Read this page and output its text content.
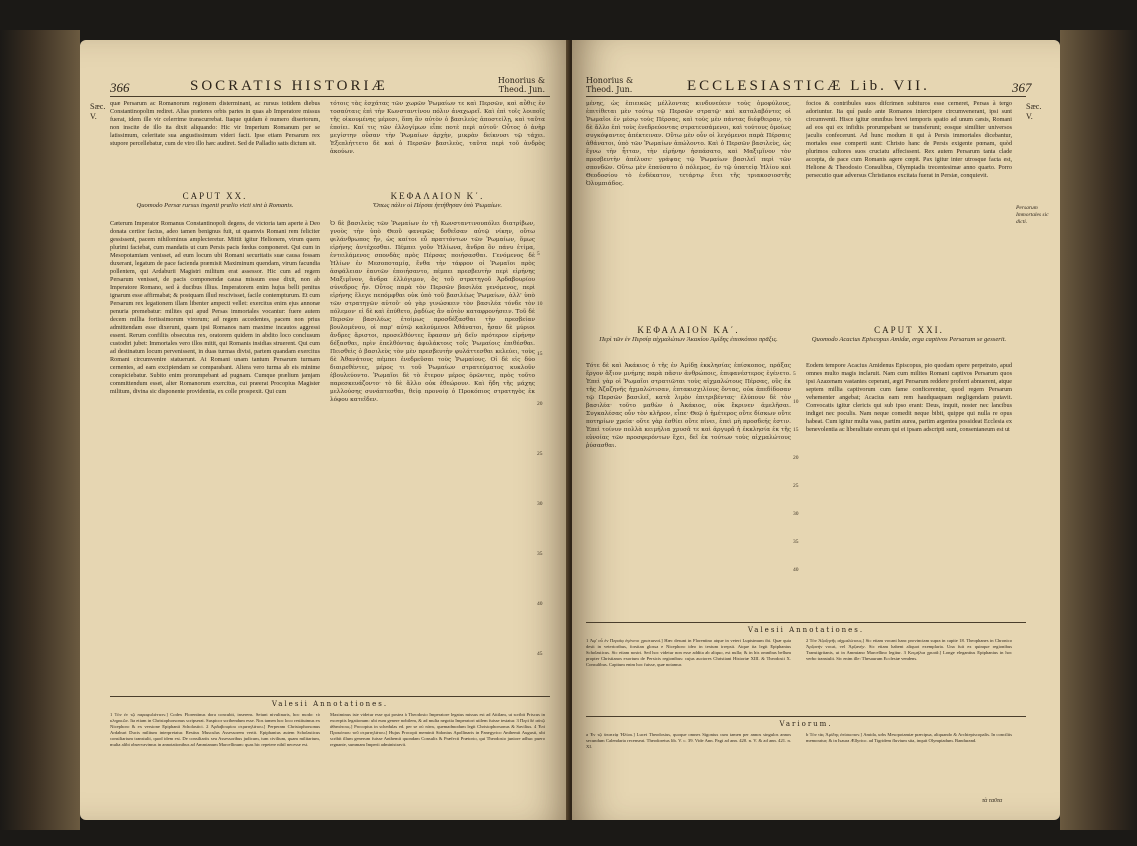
366	SOCRATIS HISTORIÆ	Honorius & Theod. Jun.
Sæc. V.

quæ Persarum ac Romanorum regionem disterminant, ac rursus totidem diebus Constantinopolim rediret. Alias præteres orbis partes in quas ab Imperatore missus fuerat, idem ille vir celerrime transcurrebat. Itaque quidam è numero disertorum, non inscite de illo ita dixit aliquando: Hic vir Imperium Romanum per se latissimum, celeritate sua angustissimum videri facit. Ipse etiam Persarum rex stupore percellebatur, cum de viro illo hæc audiret. Sed de Palladio satis dictum sit.

τότοις τὰς ἐσχάτας τῶν χωρῶν Ῥωμαίων τε καὶ Περσῶν, καὶ αὖθις ἐν τοσαύταις ἐπὶ τὴν Κωνσταντίνου πόλιν ἀναχωρεῖ. Καὶ ἐπὶ τοῖς λοιποῖς τῆς οἰκουμένης μέρεσι, ὅπη ἂν αὐτὸν ὁ βασιλεὺς ἀποστείλῃ, καὶ ταῦτα ἐποίει. Καί τις τῶν ἐλλογίμων εἶπε ποτὲ περὶ αὐτοῦ· Οὗτος ὁ ἀνὴρ μεγίστην οὖσαν τὴν Ῥωμαίων ἀρχὴν, μικρὰν δείκνυσι τῷ τάχει. Ἐξεπλήττετο δὲ καὶ ὁ Περσῶν βασιλεὺς, ταῦτα περὶ τοῦ ἀνδρὸς ἀκούων.

CAPUT XX.
Quomodo Persæ rursus ingenti prælio victi sint à Romanis.
ΚΕΦΑΛΑΙΟΝ Κ΄.
Ὅπως πάλιν οἱ Πέρσαι ἡττήθησαν ὑπὸ Ῥωμαίων.

Cæterum Imperator Romanus Constantinopoli degens, de victoria tam aperte à Deo donata certior factus, adeo tamen benignus fuit, ut quamvis Romani rem feliciter gessissent, pacem nihilominus amplecteretur. Mittit igitur Helionem, virum quem plurimi faciebat, cum mandatis ut cum Persis pacis fœdus componeret. Qui cum in Mesopotamiam venisset, ad eum locum ubi Romani securitatis suæ causa fossam duxerant, legatum de pace facienda præmisit Maximinum quendam, virum facundia pollentem, qui Ardaburii Magistri militum erat assessor. Hic cum ad regem Persarum venisset, de pacis componendæ causa missum esse dixit, non ab Imperatore Romano, sed à ducibus illius. Imperatorem enim hujus belli penitus ignarum esse affirmabat; & postquam illud rescivisset, facile contempturum. Et cum Persarum rex legationem illam libenter ampecti vellet: exercitus enim ejus annonæ penuria premebatur: milites qui apud Persas immortales vocantur: fuere autem decem millia fortissimorum virorum; ad regem accedentes, pacem non prius admittendam esse dixerunt, quam ipsi Romanos nam maxime incautos aggressi essent. Rerum confiliis obsecutus rex, oratorem quidem in abdito loco conclusum custodiri jubet: Immortales vero illos mitit, qui Romanis insidias struerent. Qui cum ad destinatum locum pervenissent, in duas turmas divisi, partem quandam exercitus Romani circumvenire statuerunt. At Romani unam tantum Persarum turmam cernentes, ad eam excipiendam se comparabant. Altera vero turma ab eis minime conspiciebatur. Subito enim prorumpebant ad pugnam. Cumque prælium jamjam committendum esset, alter Romanorum exercitus, cui præerat Procopius Magister militum, divina sic disponente providentia, ex colle prospexit. Qui cum

Ὁ δὲ βασιλεὺς τῶν Ῥωμαίων ἐν τῇ Κωνσταντινουπόλει διατρίβων, γνοὺς τὴν ὑπὸ Θεοῦ φανερῶς δοθεῖσαν αὐτῷ νίκην, οὕτω φιλάνθρωπος ἦν, ὡς καίτοι εὖ πραττόντων τῶν Ῥωμαίων, ὅμως εἰρήνης ἀντέχεσθαι. Πέμπει γοῦν Ἡλίωνα, ἄνδρα ὃν πάνυ ἐτίμα, ἐντειλάμενος σπονδὰς πρὸς Πέρσας ποιήσασθαι. Γενόμενος δὲ Ἡλίων ἐν Μεσοποταμίᾳ, ἔνθα τὴν τάφρον οἱ Ῥωμαῖοι πρὸς ἀσφάλειαν ἑαυτῶν ἐποιήσαντο, πέμπει πρεσβευτὴν περὶ εἰρήνης Μαξιμῖνον, ἄνδρα ἐλλόγιμον, ὃς τοῦ στρατηγοῦ Ἀρδαβουρίου σύνεδρος ἦν. Οὗτος παρὰ τὸν Περσῶν βασιλέα γενόμενος, περὶ εἰρήνης ἔλεγε πεπόμφθαι οὐκ ὑπὸ τοῦ βασιλέως Ῥωμαίων, ἀλλ' ὑπὸ τῶν στρατηγῶν αὐτοῦ· οὐ γὰρ γινώσκειν τὸν βασιλέα τόνδε τὸν πόλεμον· εἰ δὲ καὶ ἐπύθετο, ῥᾳδίως ἂν αὐτὸν καταφρονήσειν. Τοῦ δὲ Περσῶν βασιλέως ἑτοίμως προσδέξασθαι τὴν πρεσβείαν βουλομένου, οἱ παρ' αὐτῷ καλούμενοι Ἀθάνατοι, ἦσαν δὲ μύριοι ἄνδρες ἄριστοι, προσελθόντες ἔφασαν μὴ δεῖν πρότερον εἰρήνην δέξασθαι, πρὶν ἐπελθόντας ἀφυλάκτοις τοῖς Ῥωμαίοις ἐπιθέσθαι. Πεισθεὶς ὁ βασιλεὺς τὸν μὲν πρεσβευτὴν φυλάττεσθαι κελεύει, τοὺς δὲ Ἀθανάτους πέμπει ἐνεδρεῦσαι τοὺς Ῥωμαίους. Οἱ δὲ εἰς δύο διαιρεθέντες, μέρος τι τοῦ Ῥωμαίων στρατεύματος κυκλοῦν ἐβουλεύοντο. Ῥωμαῖοι δὲ τὸ ἕτερον μέρος ὁρῶντες, πρὸς τοῦτο παρεσκευάζοντο· τὸ δὲ ἄλλο οὐκ ἐθεώρουν. Καὶ ἤδη τῆς μάχης μελλούσης συνάπτεσθαι, θείᾳ προνοίᾳ ὁ Προκόπιος στρατηγὸς ἐκ λόφου κατεῖδεν.

5
10
15
20
25
30
35
40
45
Valesii Annotationes.
1 Τὸν ἐν τῷ παραφυλάττειν.] Codex Florentinus dora concubit, inserens. Seiunt nivulinaris, hoc modo: τὸ κληρικῶν. Ita etiam in Christophorsonus scripserat. Suspicor scribendum esse. Nos tamen hoc loco restituimus ex Nicephoro & ex versione Epiphanii Scholastici. 2 Ἀρδαβουρίου στρατηλάτου.] Perperam Christophorsonus Ardaburi Ducis militum interpretatur. Restius Musculus Assessorem vertit. Epiphanius autem Scholasticus consiliarium transtulit, quod idem est. De consiliariis seu Assessoribus judicum, tum civilium, quam militarium, multa alibi observavimus in annotationibus ad Ammianum Marcellinum: quas hic repetere nihil necesse est.
Maximinus iste videtur esse qui postea à Theodosio Imperatore legatus missus est ad Attilam, ut scribit Priscus in excerptis legationum: ubi eum genere nobilem, & ad multa negotia Imperatori utilem fuisse testatur. 3 Περὶ δὲ αὐτῷ ἀθανάτους.] Procopius in schedulas ed. per se οὐ πάνυ, quemadmodum legit Christophorsonus & Savilius. 4 Ἐπὶ Προκόπιου τοῦ στρατηλάτου.] Hujus Procopii meminit Sidonius Apollinaris in Panegyrico Anthemii Augusti, ubi scribit illum generum fuisse Anthemii quondam Consulis & Præfecti Prætorio, qui Theodosio juniore adhuc puero regnante, summam Imperii administravit.
Honorius & Theod. Jun.	ECCLESIASTICÆ Lib. VII.	367
Sæc. V.

μένης, ὡς ἐπιεικῶς μέλλοντας κινδυνεύειν τοὺς ὁμοφύλους, ἐπιτίθεται μὲν τούτῳ τῷ Περσῶν στρατῷ· καὶ καταλαβόντες οἱ Ῥωμαῖοι ἐν μέσῳ τοὺς Πέρσας, καὶ τοὺς μὲν πάντας διέφθειραν, τὸ δὲ ἄλλο ἐπὶ τοὺς ἐνεδρεύοντας στρατευσάμενοι, καὶ τούτους ὁμοίως συγκόψαντες ἀπέκτειναν. Οὕτω μὲν οὖν οἱ λεγόμενοι παρὰ Πέρσαις ἀθάνατοι, ὑπὸ τῶν Ῥωμαίων ἀπώλοντο. Καὶ ὁ Περσῶν βασιλεὺς, ὡς ἔγνω τὴν ἧτταν, τὴν εἰρήνην ἠσπάσατο, καὶ Μαξιμῖνον τὸν πρεσβευτὴν ἀπέλυσε· γράψας τῷ Ῥωμαίων βασιλεῖ περὶ τῶν σπονδῶν. Οὕτω μὲν ἐπαύσατο ὁ πόλεμος, ἐν τῷ ὑπατείᾳ Ἡλίου καὶ Θεοδοσίου τὸ ἐνδέκατον, τετάρτῳ ἔτει τῆς τριακοσιοστῆς Ὀλυμπιάδος.

focios & contribules suos difcrimen subituros esse cerneret, Persas à tergo adoriuntur. Ita quí paulo ante Romanos intercipere circumvenerant, ipsi sunt circumventi. Hisce igitur omnibus brevi temporis spatio ad unum cæsis, Romani ad eos qui ex infidiis prorumpebant se transferunt; eosque similiter universos jaculis confecerunt. Ad hunc modum ii qui à Persis immortales dicebantur, mortales esse comperti sunt: Christo hanc de Persis exigente pœnam, quòd plurimos cultores suos cruciatu affecissent. Rex autem Persarum tanta clade accepta, de pace cum Romanis agere cœpit. Pax igitur inter utrosque facta est, Helione & Theodosio Consulibus, Olympiadis trecentesimæ anno quarto. Porro persecutio quæ adversus Christianos excitata fuerat in Persiæ, conquievit.

Persarum Immortales sic dicti.
ΚΕΦΑΛΑΙΟΝ ΚΑ΄.
Περὶ τῶν ἐν Περσίᾳ αἰχμαλώτων Ἀκακίου Ἀμίδης ἐπισκόπου πρᾶξις.
CAPUT XXI.
Quomodo Acacius Episcopus Amidæ, erga captivos Persarum se gesserit.

Τότε δὲ καὶ Ἀκάκιος ὁ τῆς ἐν Ἀμίδῃ ἐκκλησίας ἐπίσκοπος, πράξας ἔργον ἄξιον μνήμης παρὰ πᾶσιν ἀνθρώποις, ἐπιφανέστερος ἐγένετο. Ἐπεὶ γὰρ οἱ Ῥωμαῖοι στρατιῶται τοὺς αἰχμαλώτους Πέρσας, οὓς ἐκ τῆς Ἀζαζηνῆς ἠχμαλώτισαν, ἑπτακισχιλίους ὄντας, οὐκ ἀπεδίδοσαν τῷ Περσῶν βασιλεῖ, κατὰ λιμὸν ἐπιτριβέντας· ἐλύπουν δὲ τὸν βασιλέα· τοῦτο μαθὼν ὁ Ἀκάκιος, οὐκ ἔκρινεν ἀμελῆσαι. Συγκαλέσας οὖν τὸν κλῆρον, εἶπε· Θεῷ ὁ ἡμέτερος οὔτε δίσκων οὔτε ποτηρίων χρεία· οὔτε γὰρ ἐσθίει οὔτε πίνει, ἐπεὶ μὴ προσδεής ἐστιν. Ἐπεὶ τοίνυν πολλὰ κειμήλια χρυσᾶ τε καὶ ἀργυρᾶ ἡ ἐκκλησία ἐκ τῆς εὐνοίας τῶν προσφερόντων ἔχει, δεῖ ἐκ τούτων τοὺς αἰχμαλώτους ῥύσασθαι.

5
10
15
20
25
30
35
40

Eodem tempore Acacius Amidenus Episcopus, pio quodam opere perpetrato, apud omnes multo magis inclaruit. Nam cum milites Romani captivos Persarum quos ipsi Azazenam vastantes ceperant, ægri Persarum reddere proferri abnuerent, atque septem millia captivorum cum fame conficerentur, quod regem Persarum vehementer angebat; Acacius eam rem haudquaquam negligendam putavit. Convocatis igitur clericis qui sub ipso erant: Deus, inquit, noster nec lancibus indiget nec poculis. Nam neque comedit neque bibit, quippe qui nulla re opus habeat. Cum igitur multa vasa, partim aurea, partim argentea possideat Ecclesia ex benevolentia ac liberalitate eorum qui ei ipsam adscripti sunt, consentaneum est ut

Valesii Annotationes.
1 Ἀφ' οὗ ἐν Περσίᾳ ἐγένετο χριστιανοί.] Hæc desunt in Florentino atque in veteri Lupisimum ibi. Quæ quia desit in veterioribus, forsitan glossa e Nicephoro ideo in textum irrepsit. Atque ita legit Epiphanius Scholasticus. Sic etiam nostri. Sed hoc videtur non esse addita ab aliquo, est nulla; & in his omnibus bellum propter Christianos exortum de Persicis regionibus: cujus auctores Christiani Historiæ XIII. & Theodosii X. Consulibus. Capitum enim hoc fuisse, quæ notamur.
2 Τὸν Ἀζαζηνῆς αἰχμαλώτους.] Sic etiam vocant hanc provinciam supra in capite 18. Theophanes in Chronico Ἀρζανήν vocat, vel Ἀρζανήν. Sic etiam habent aliquot exemplaria. Una fuit ex quinque regionibus Transtigritanis, ut in Ammiano Marcellino legitur. 3 Κειμήλια χρυσᾶ.] Longe elegantius Epiphanius in hoc verbo transtulit. Sic enim ille: Thesaurum Ecclesiæ vendens.
Variorum.
a Ἐν τῷ ὑπατείᾳ Ἡλίου.] Lucet Theodosius, quoque omnes Sigonius cum tamen per annos singulos annos secundum Calendaria recenseat. Theodoretus lib. V. c. 39. Vide Ann. Pagi ad ann. 420. n. V. & ad ann. 421. n. XI.
b Τὸν τὰς Ἀμίδης ἐπίσκοπον.] Amida, urbs Mesopotamiæ præcipua, aliquando & Archiepiscopalis. In conciliis memoratur; & in Isaura Ællyrico. ad Tigridem fluvium sita, inquit Olympiadum. Bandurand.
τὰ ταῦτα
